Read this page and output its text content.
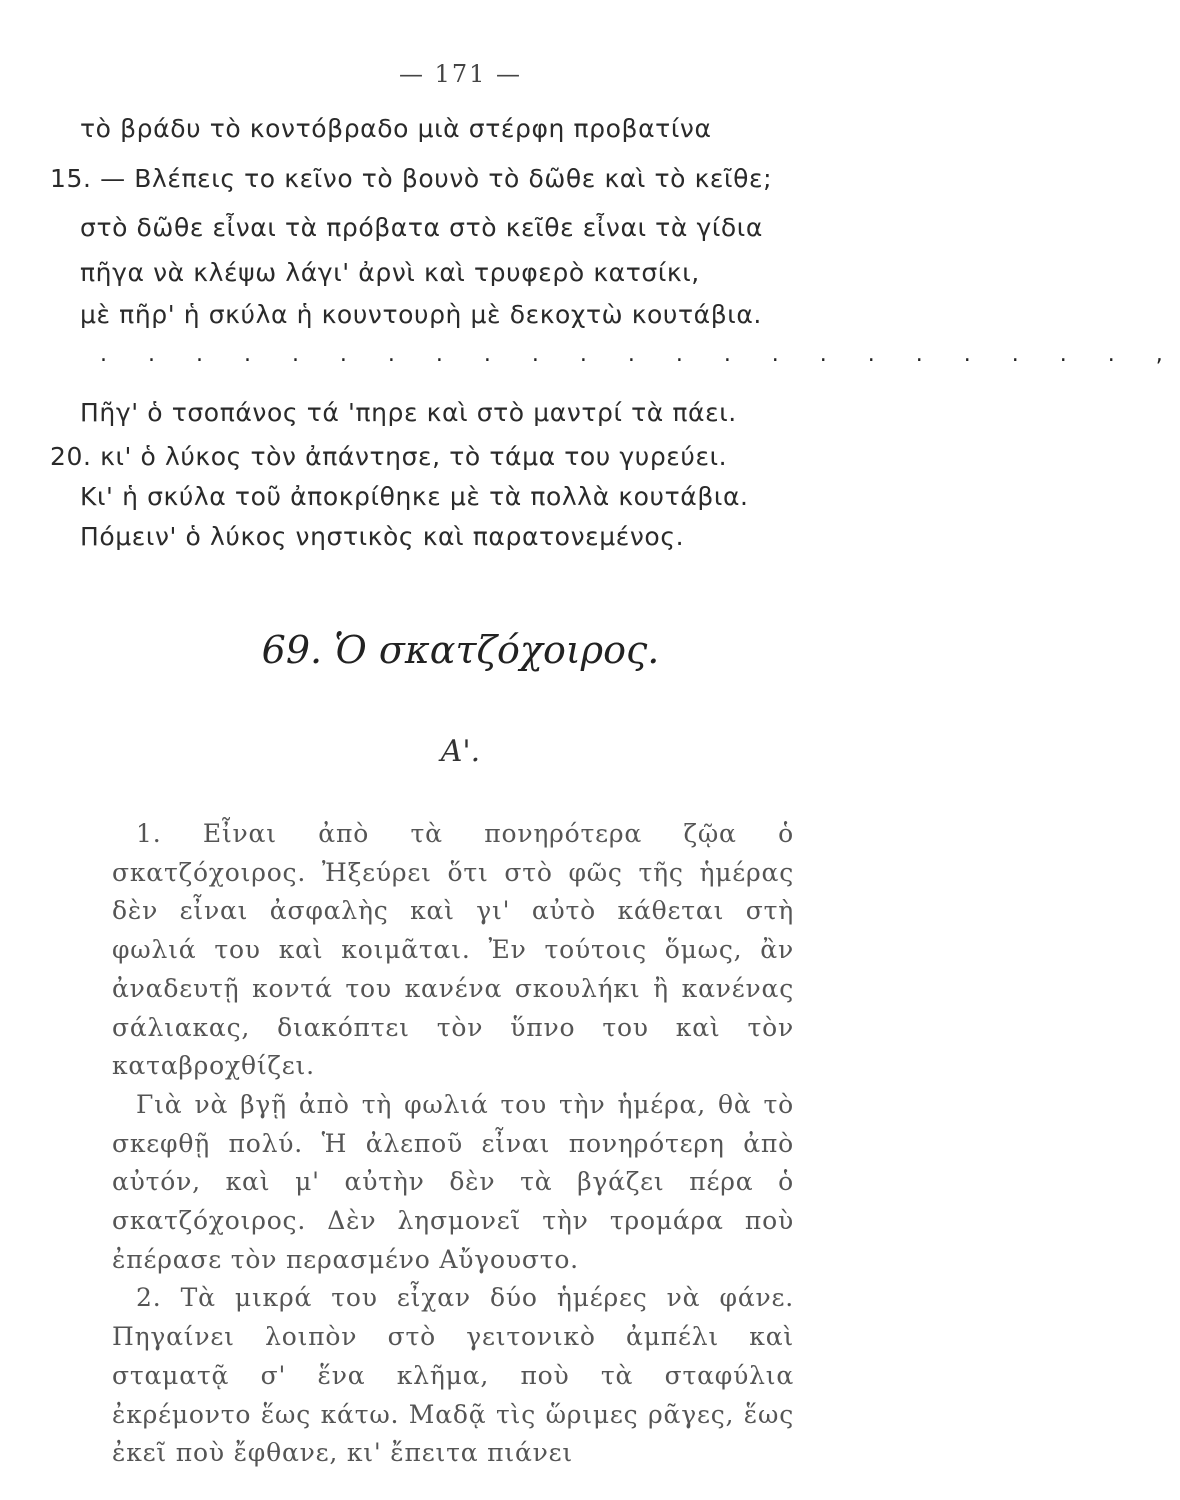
— 171 —
τὸ βράδυ τὸ κοντόβραδο μιὰ στέρφη προβατίνα
15. — Βλέπεις το κεῖνο τὸ βουνὸ τὸ δῶθε καὶ τὸ κεῖθε;
στὸ δῶθε εἶναι τὰ πρόβατα στὸ κεῖθε εἶναι τὰ γίδια
πῆγα νὰ κλέψω λάγι' ἀρνὶ καὶ τρυφερὸ κατσίκι,
μὲ πῆρ' ἡ σκύλα ἡ κουντουρὴ μὲ δεκοχτὼ κουτάβια.
. . . . . . . . . . . . . . . . . . . . . . ,
Πῆγ' ὁ τσοπάνος τά 'πηρε καὶ στὸ μαντρί τὰ πάει.
20. κι' ὁ λύκος τὸν ἀπάντησε, τὸ τάμα του γυρεύει.
Κι' ἡ σκύλα τοῦ ἀποκρίθηκε μὲ τὰ πολλὰ κουτάβια.
Πόμειν' ὁ λύκος νηστικὸς καὶ παρατονεμένος.
69. Ὁ σκατζόχοιρος.
Α'.

1. Εἶναι ἀπὸ τὰ πονηρότερα ζῷα ὁ σκατζόχοιρος. Ἠξεύρει ὅτι στὸ φῶς τῆς ἡμέρας δὲν εἶναι ἀσφαλὴς καὶ γι' αὐτὸ κάθεται στὴ φωλιά του καὶ κοιμᾶται. Ἐν τούτοις ὅμως, ἂν ἀναδευτῇ κοντά του κανένα σκουλήκι ἢ κανένας σάλιακας, διακόπτει τὸν ὕπνο του καὶ τὸν καταβροχθίζει.

Γιὰ νὰ βγῇ ἀπὸ τὴ φωλιά του τὴν ἡμέρα, θὰ τὸ σκεφθῇ πολύ. Ἡ ἀλεποῦ εἶναι πονηρότερη ἀπὸ αὐτόν, καὶ μ' αὐτὴν δὲν τὰ βγάζει πέρα ὁ σκατζόχοιρος. Δὲν λησμονεῖ τὴν τρομάρα ποὺ ἐπέρασε τὸν περασμένο Αὔγουστο.

2. Τὰ μικρά του εἶχαν δύο ἡμέρες νὰ φάνε. Πηγαίνει λοιπὸν στὸ γειτονικὸ ἀμπέλι καὶ σταματᾷ σ' ἕνα κλῆμα, ποὺ τὰ σταφύλια ἐκρέμοντο ἕως κάτω. Μαδᾷ τὶς ὥριμες ρᾶγες, ἕως ἐκεῖ ποὺ ἔφθανε, κι' ἔπειτα πιάνει
